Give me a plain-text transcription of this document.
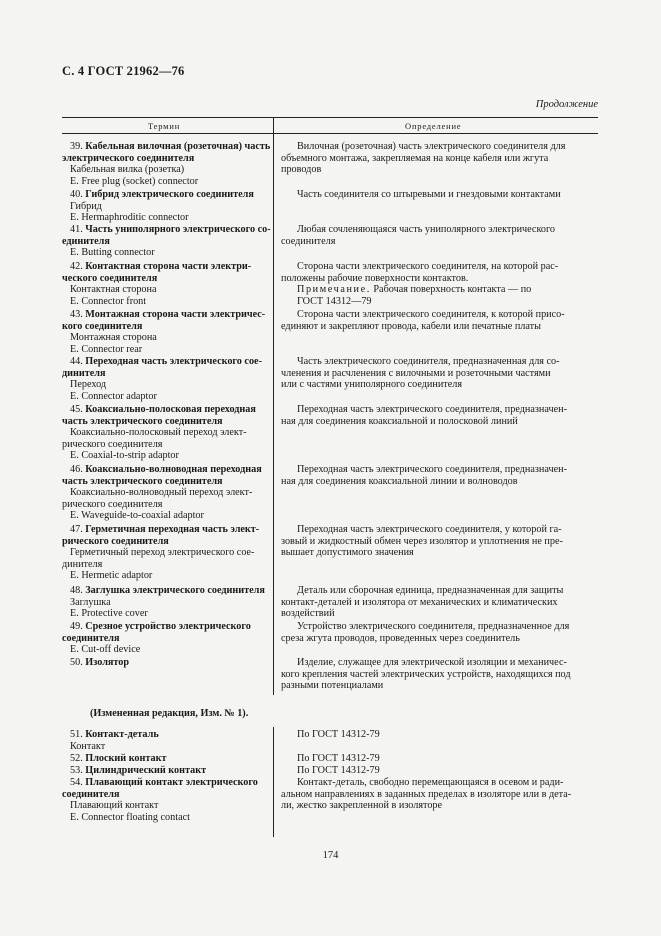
С. 4 ГОСТ 21962—76
Продолжение
Термин	Определение
39. Кабельная вилочная (розеточная) часть
электрического соединителя
Кабельная вилка (розетка)
E. Free plug (socket) connector
40. Гибрид электрического соединителя
Гибрид
E. Hermaphroditic connector
41. Часть униполярного электрического со-
единителя
E. Butting connector
42. Контактная сторона части электри-
ческого соединителя
Контактная сторона
E. Connector front
43. Монтажная сторона части электричес-
кого соединителя
Монтажная сторона
E. Connector rear
44. Переходная часть электрического сое-
динителя
Переход
E. Connector adaptor
45. Коаксиально-полосковая переходная
часть электрического соединителя
Коаксиально-полосковый переход элект-
рического соединителя
E. Coaxial-to-strip adaptor
46. Коаксиально-волноводная переходная
часть электрического соединителя
Коаксиально-волноводный переход элект-
рического соединителя
E. Waveguide-to-coaxial adaptor
47. Герметичная переходная часть элект-
рического соединителя
Герметичный переход электрического сое-
динителя
E. Hermetic adaptor
48. Заглушка электрического соединителя
Заглушка
E. Protective cover
49. Срезное устройство электрического
соединителя
E. Cut-off device
50. Изолятор
Вилочная (розеточная) часть электрического соединителя для
объемного монтажа, закрепляемая на конце кабеля или жгута
проводов
Часть соединителя со штыревыми и гнездовыми контактами
Любая сочленяющаяся часть униполярного электрического
соединителя
Сторона части электрического соединителя, на которой рас-
положены рабочие поверхности контактов.
Примечание. Рабочая поверхность контакта — по
ГОСТ 14312—79
Сторона части электрического соединителя, к которой присо-
единяют и закрепляют провода, кабели или печатные платы
Часть электрического соединителя, предназначенная для со-
членения и расчленения с вилочными и розеточными частями
или с частями униполярного соединителя
Переходная часть электрического соединителя, предназначен-
ная для соединения коаксиальной и полосковой линий
Переходная часть электрического соединителя, предназначен-
ная для соединения коаксиальной линии и волноводов
Переходная часть электрического соединителя, у которой га-
зовый и жидкостный обмен через изолятор и уплотнения не пре-
вышает допустимого значения
Деталь или сборочная единица, предназначенная для защиты
контакт-деталей и изолятора от механических и климатических
воздействий
Устройство электрического соединителя, предназначенное для
среза жгута проводов, проведенных через соединитель
Изделие, служащее для электрической изоляции и механичес-
кого крепления частей электрических устройств, находящихся под
разными потенциалами
(Измененная редакция, Изм. № 1).
51. Контакт-деталь
Контакт
52. Плоский контакт
53. Цилиндрический контакт
54. Плавающий контакт электрического
соединителя
Плавающий контакт
E. Connector floating contact
По ГОСТ 14312-79
По ГОСТ 14312-79
По ГОСТ 14312-79
Контакт-деталь, свободно перемещающаяся в осевом и ради-
альном направлениях в заданных пределах в изоляторе или в дета-
ли, жестко закрепленной в изоляторе
174
